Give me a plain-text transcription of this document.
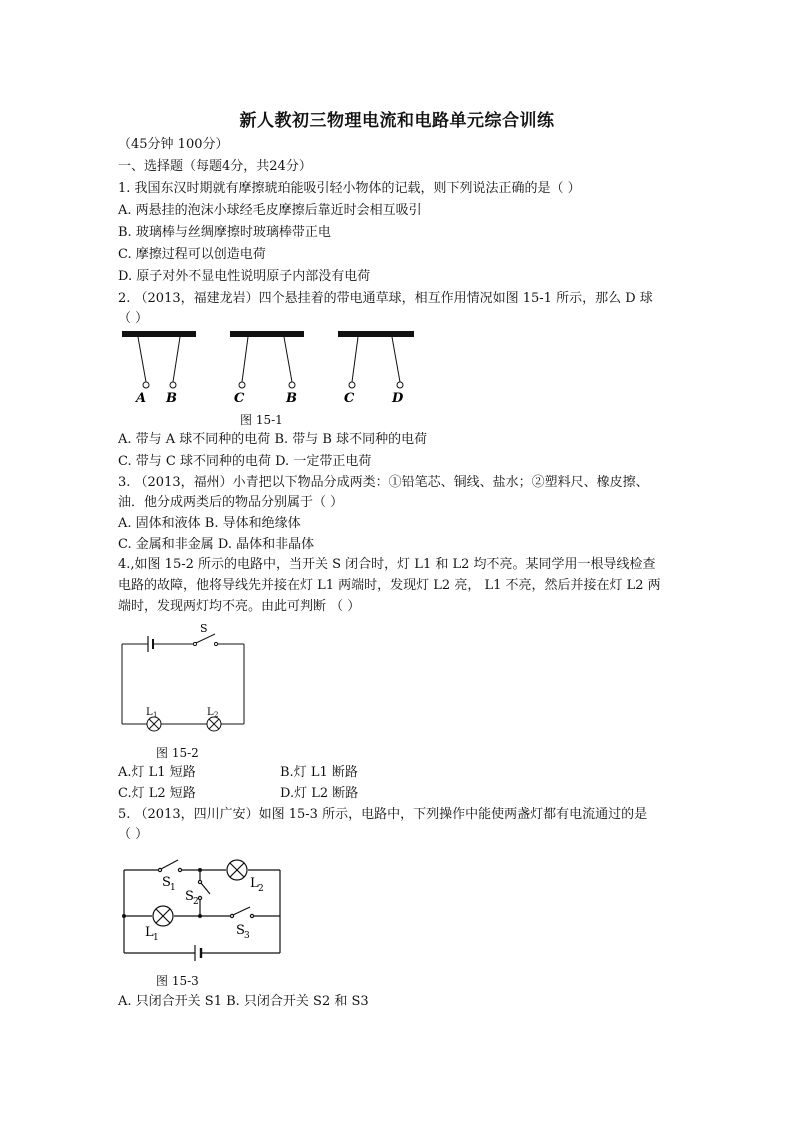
新人教初三物理电流和电路单元综合训练
（45分钟 100分）
一、选择题（每题4分，共24分）
1. 我国东汉时期就有摩擦琥珀能吸引轻小物体的记载，则下列说法正确的是（ ）
A. 两悬挂的泡沫小球经毛皮摩擦后靠近时会相互吸引
B. 玻璃棒与丝绸摩擦时玻璃棒带正电
C. 摩擦过程可以创造电荷
D. 原子对外不显电性说明原子内部没有电荷
2. （2013，福建龙岩）四个悬挂着的带电通草球，相互作用情况如图 15-1 所示，那么 D 球
（ ）
A B	C	B	C	D
图 15-1
A. 带与 A 球不同种的电荷 B. 带与 B 球不同种的电荷
C. 带与 C 球不同种的电荷 D. 一定带正电荷
3. （2013，福州）小青把以下物品分成两类：①铅笔芯、铜线、盐水；②塑料尺、橡皮擦、
油．他分成两类后的物品分别属于（ ）
A. 固体和液体 B. 导体和绝缘体
C. 金属和非金属 D. 晶体和非晶体
4.,如图 15-2 所示的电路中，当开关 S 闭合时，灯 L1 和 L2 均不亮。某同学用一根导线检查
电路的故障，他将导线先并接在灯 L1 两端时，发现灯 L2 亮， L1 不亮，然后并接在灯 L2 两
端时，发现两灯均不亮。由此可判断 （ ）
S
L 1	L 2
图 15-2
A.灯 L1 短路	B.灯 L1 断路
C.灯 L2 短路	D.灯 L2 断路
5. （2013，四川广安）如图 15-3 所示，电路中，下列操作中能使两盏灯都有电流通过的是
（ ）
S 1
S 2
S 3
L 1
L 2
图 15-3
A. 只闭合开关 S1 B. 只闭合开关 S2 和 S3
